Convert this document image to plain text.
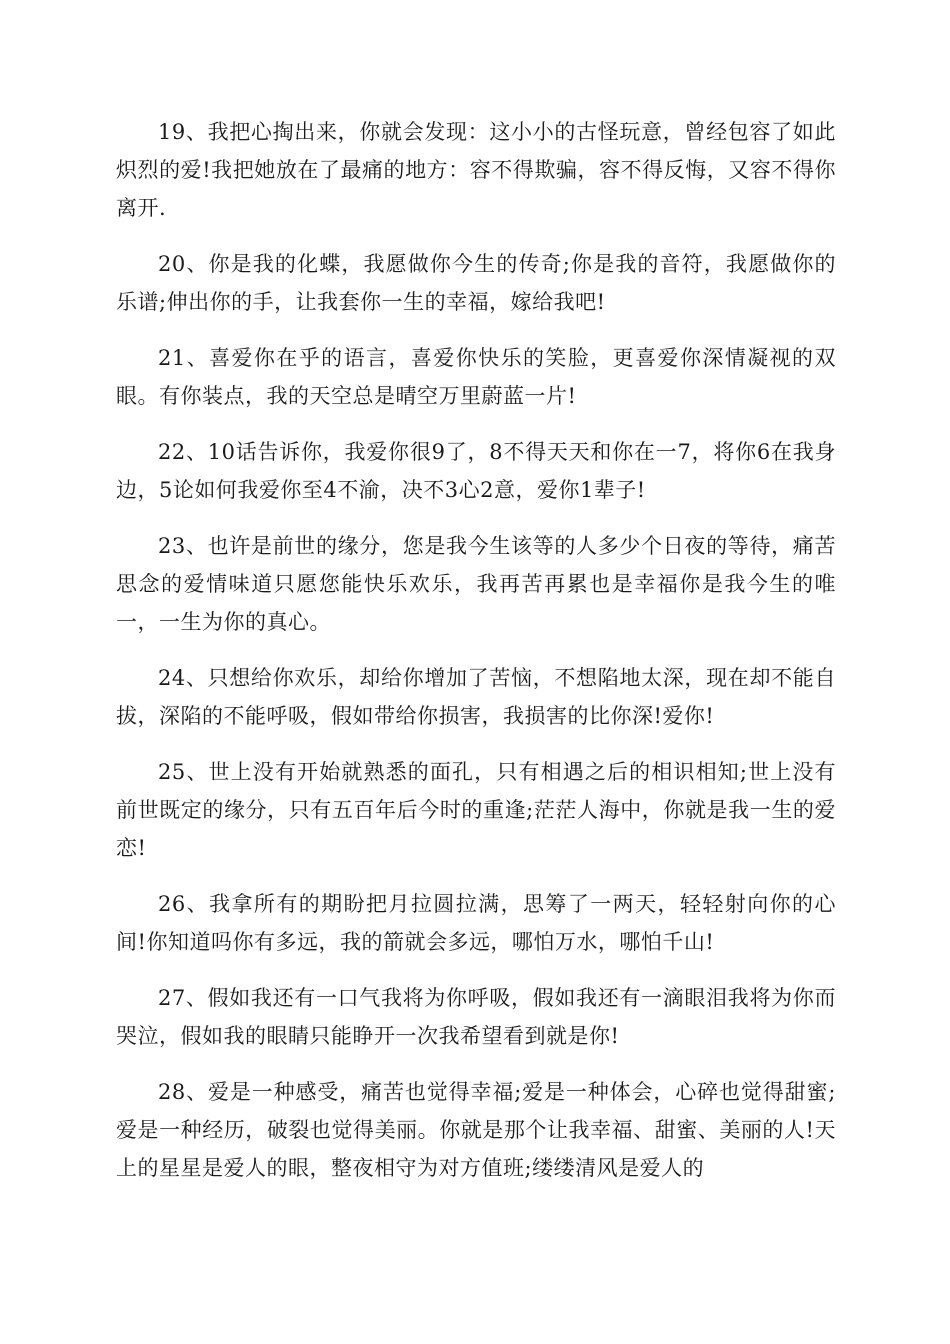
19、我把心掏出来，你就会发现：这小小的古怪玩意，曾经包容了如此炽烈的爱!我把她放在了最痛的地方：容不得欺骗，容不得反悔，又容不得你离开.

20、你是我的化蝶，我愿做你今生的传奇;你是我的音符，我愿做你的乐谱;伸出你的手，让我套你一生的幸福，嫁给我吧!

21、喜爱你在乎的语言，喜爱你快乐的笑脸，更喜爱你深情凝视的双眼。有你装点，我的天空总是晴空万里蔚蓝一片!

22、10话告诉你，我爱你很9了，8不得天天和你在一7，将你6在我身边，5论如何我爱你至4不渝，决不3心2意，爱你1辈子!

23、也许是前世的缘分，您是我今生该等的人多少个日夜的等待，痛苦思念的爱情味道只愿您能快乐欢乐，我再苦再累也是幸福你是我今生的唯一，一生为你的真心。

24、只想给你欢乐，却给你增加了苦恼，不想陷地太深，现在却不能自拔，深陷的不能呼吸，假如带给你损害，我损害的比你深!爱你!

25、世上没有开始就熟悉的面孔，只有相遇之后的相识相知;世上没有前世既定的缘分，只有五百年后今时的重逢;茫茫人海中，你就是我一生的爱恋!

26、我拿所有的期盼把月拉圆拉满，思筹了一两天，轻轻射向你的心间!你知道吗你有多远，我的箭就会多远，哪怕万水，哪怕千山!

27、假如我还有一口气我将为你呼吸，假如我还有一滴眼泪我将为你而哭泣，假如我的眼睛只能睁开一次我希望看到就是你!

28、爱是一种感受，痛苦也觉得幸福;爱是一种体会，心碎也觉得甜蜜;爱是一种经历，破裂也觉得美丽。你就是那个让我幸福、甜蜜、美丽的人!天上的星星是爱人的眼，整夜相守为对方值班;缕缕清风是爱人的
